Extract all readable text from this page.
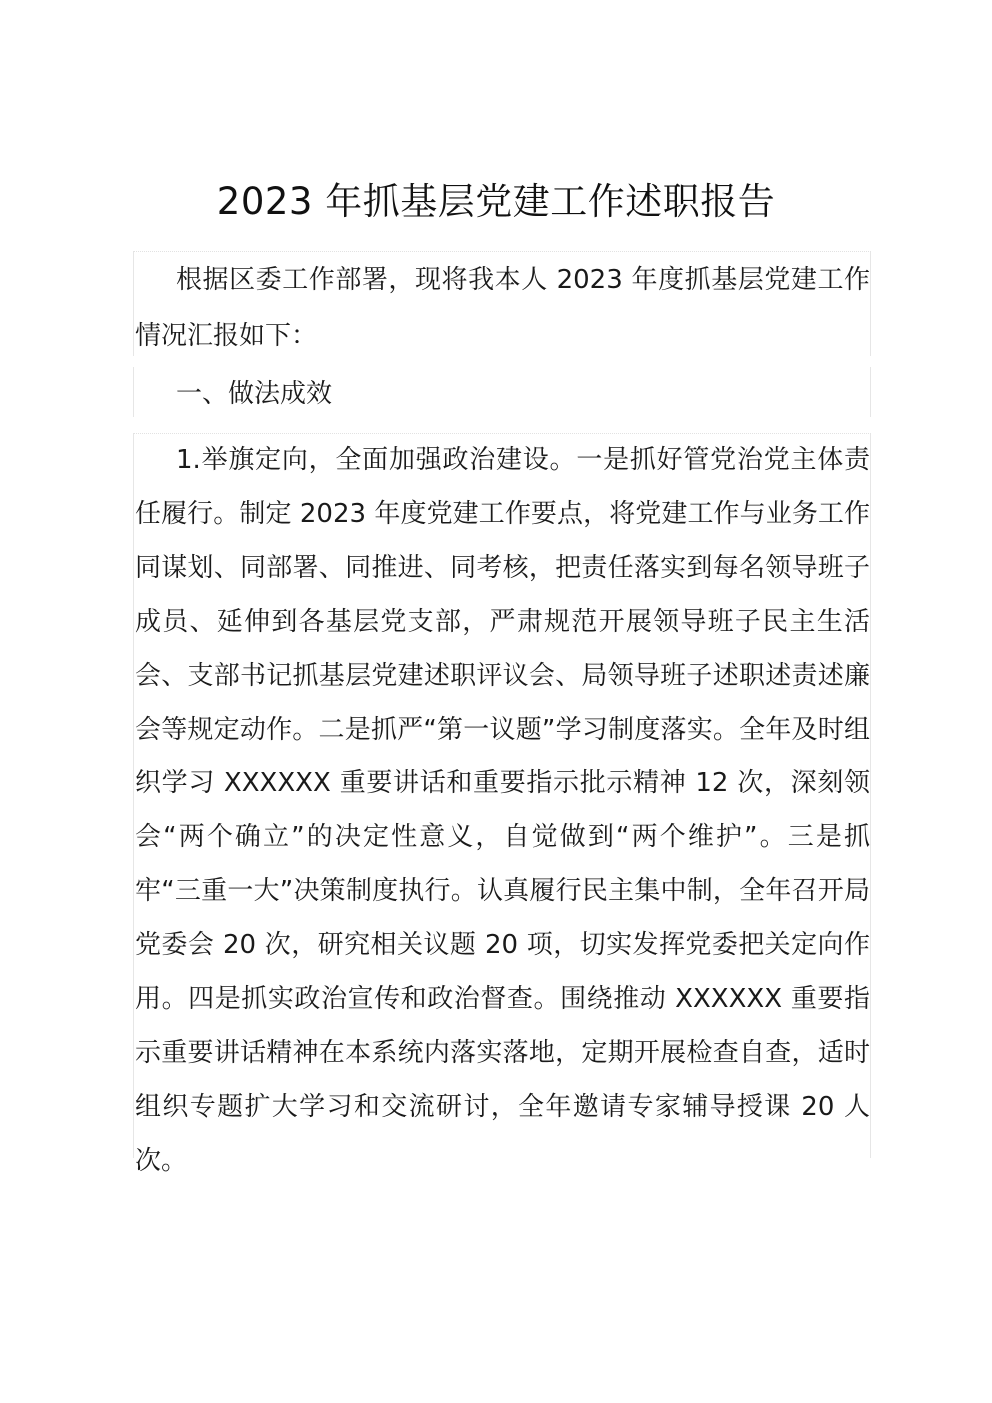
2023 年抓基层党建工作述职报告

根据区委工作部署，现将我本人 2023 年度抓基层党建工作情况汇报如下：

一、做法成效

1.举旗定向，全面加强政治建设。一是抓好管党治党主体责任履行。制定 2023 年度党建工作要点，将党建工作与业务工作同谋划、同部署、同推进、同考核，把责任落实到每名领导班子成员、延伸到各基层党支部，严肃规范开展领导班子民主生活会、支部书记抓基层党建述职评议会、局领导班子述职述责述廉会等规定动作。二是抓严“第一议题”学习制度落实。全年及时组织学习 XXXXXX 重要讲话和重要指示批示精神 12 次，深刻领会“两个确立”的决定性意义，自觉做到“两个维护”。三是抓牢“三重一大”决策制度执行。认真履行民主集中制，全年召开局党委会 20 次，研究相关议题 20 项，切实发挥党委把关定向作用。四是抓实政治宣传和政治督查。围绕推动 XXXXXX 重要指示重要讲话精神在本系统内落实落地，定期开展检查自查，适时组织专题扩大学习和交流研讨，全年邀请专家辅导授课 20 人次。
